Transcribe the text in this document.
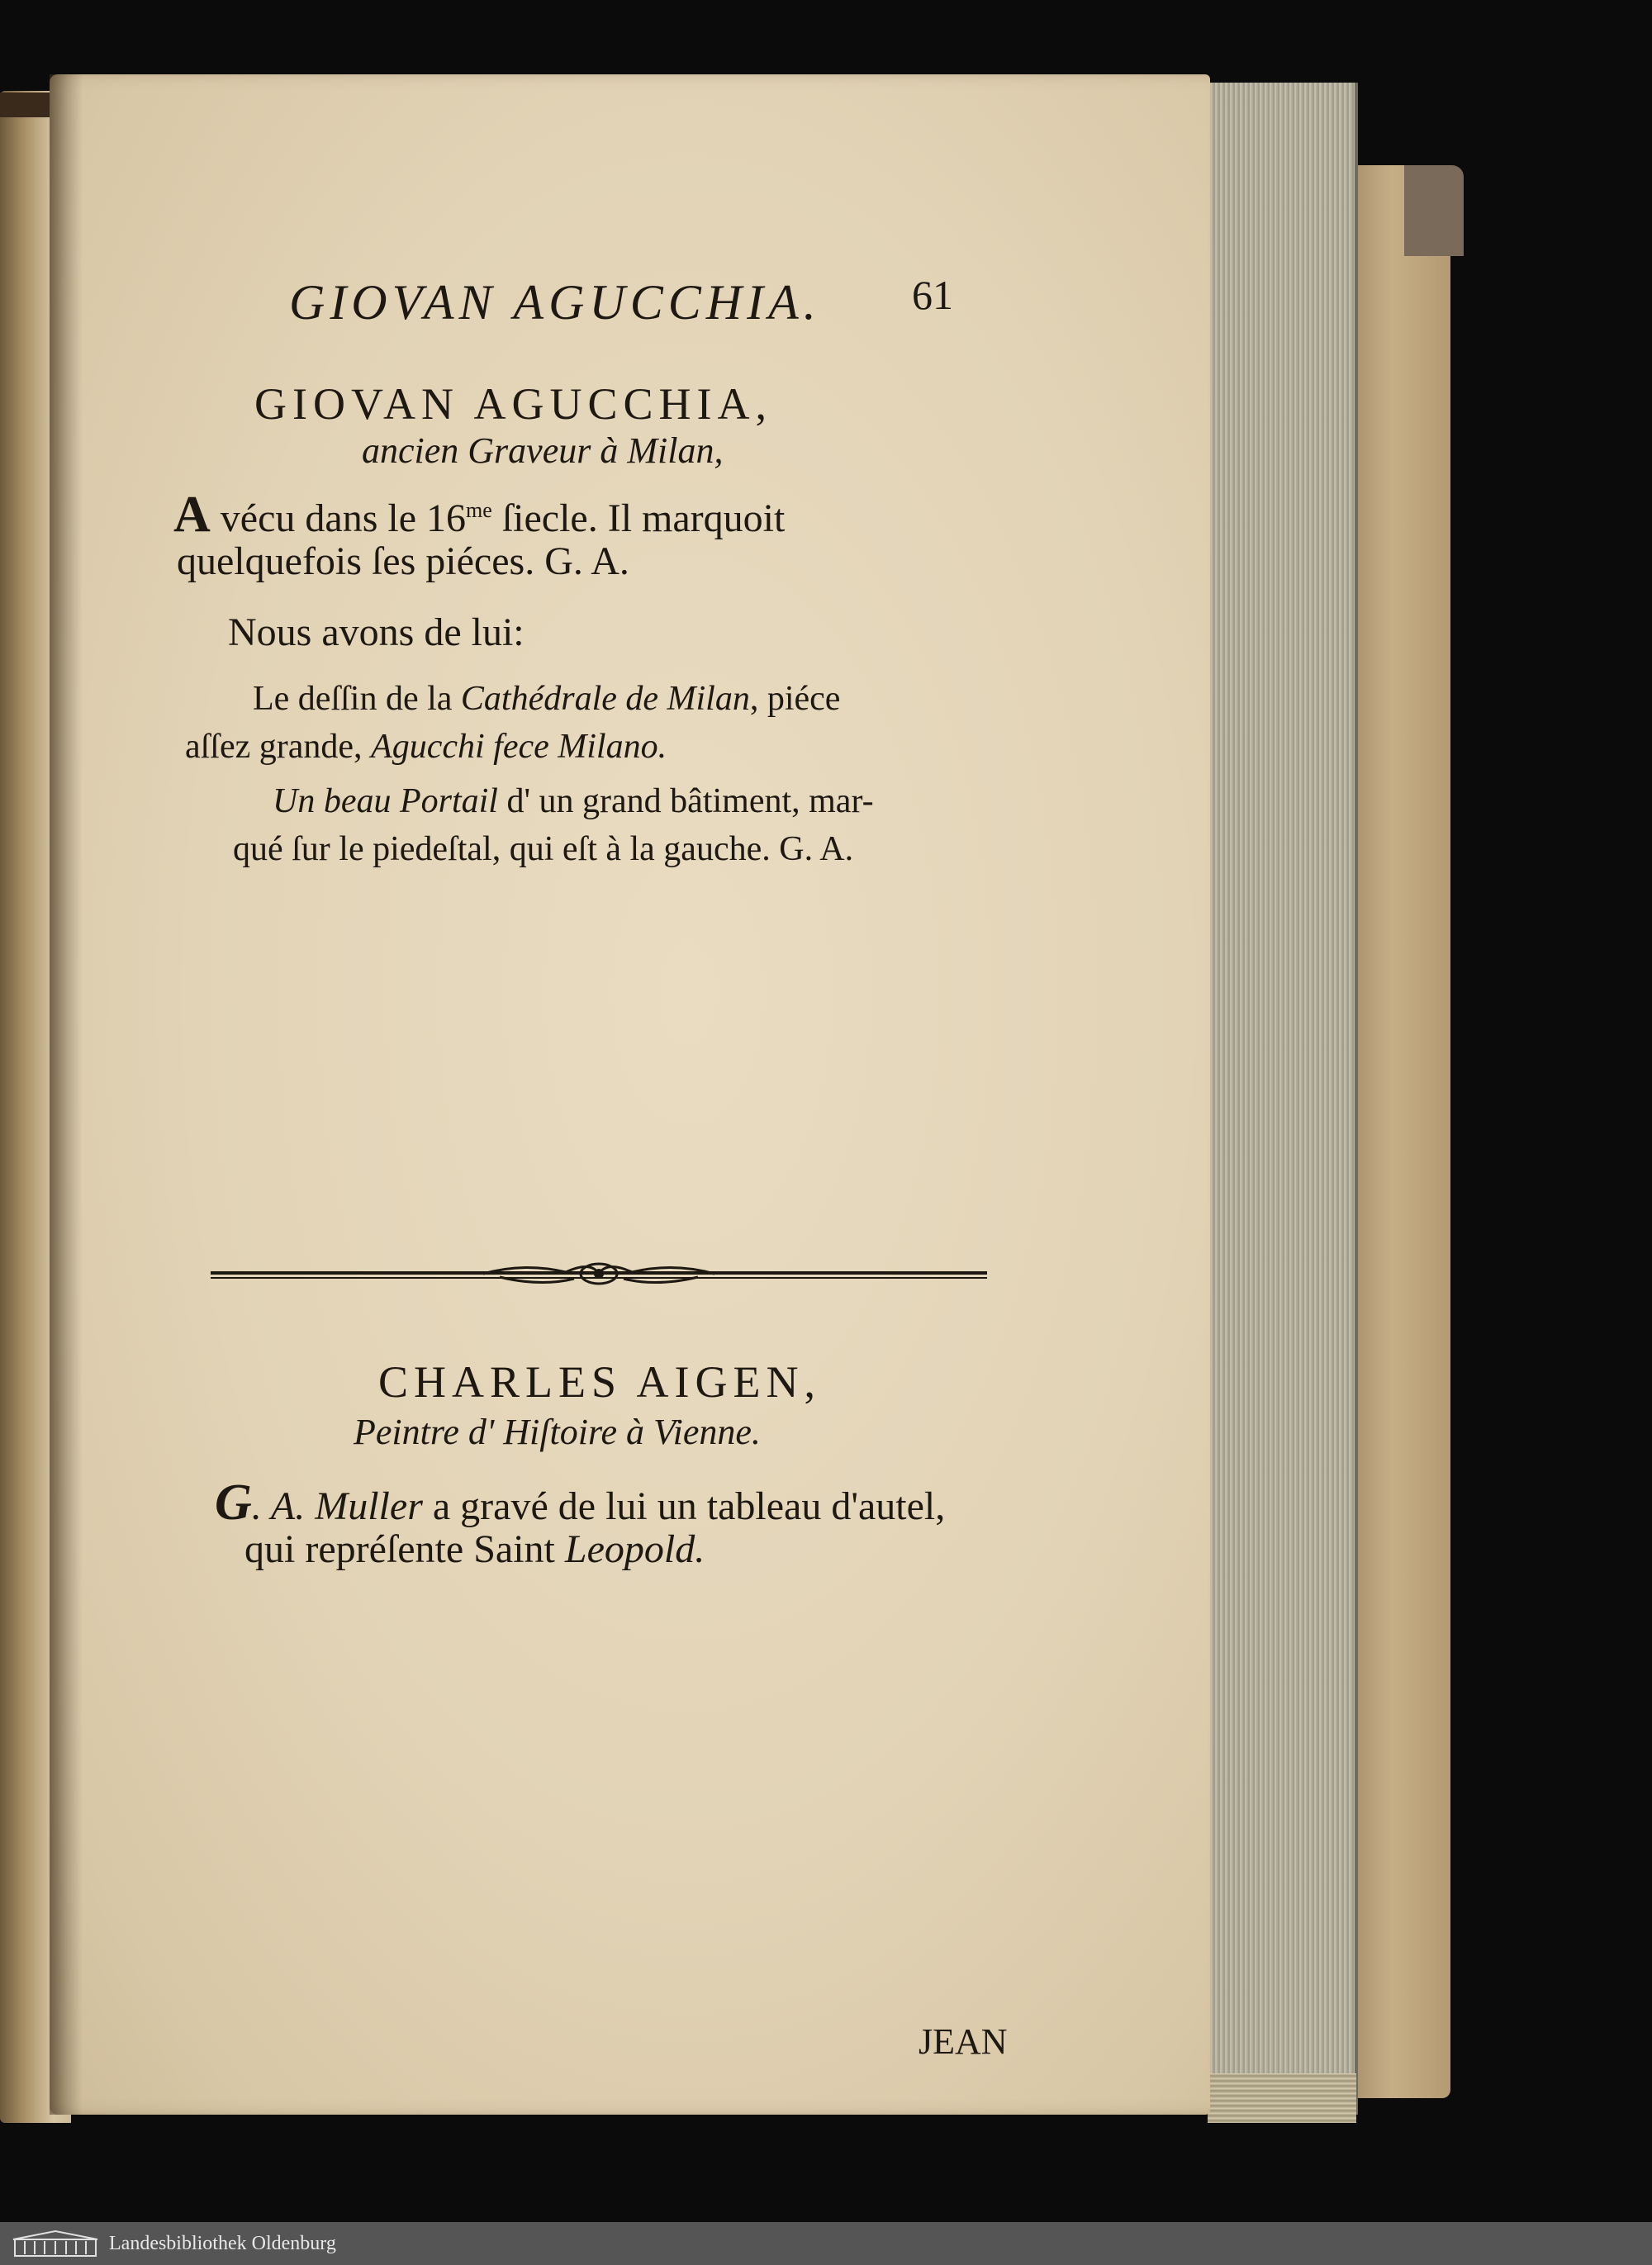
GIOVAN AGUCCHIA. 61
GIOVAN AGUCCHIA,
ancien Graveur à Milan,
A vécu dans le $16^{me}$ ſiecle. Il marquoit
quelquefois ſes piéces. G. A.
Nous avons de lui:
Le deſſin de la Cathédrale de Milan, piéce
aſſez grande, Agucchi fece Milano.
Un beau Portail d' un grand bâtiment, mar-
qué ſur le piedeſtal, qui eſt à la gauche. G. A.
CHARLES AIGEN,
Peintre d' Hiſtoire à Vienne.
G. A. Muller a gravé de lui un tableau d'autel,
qui repréſente Saint Leopold.
JEAN
Landesbibliothek Oldenburg
